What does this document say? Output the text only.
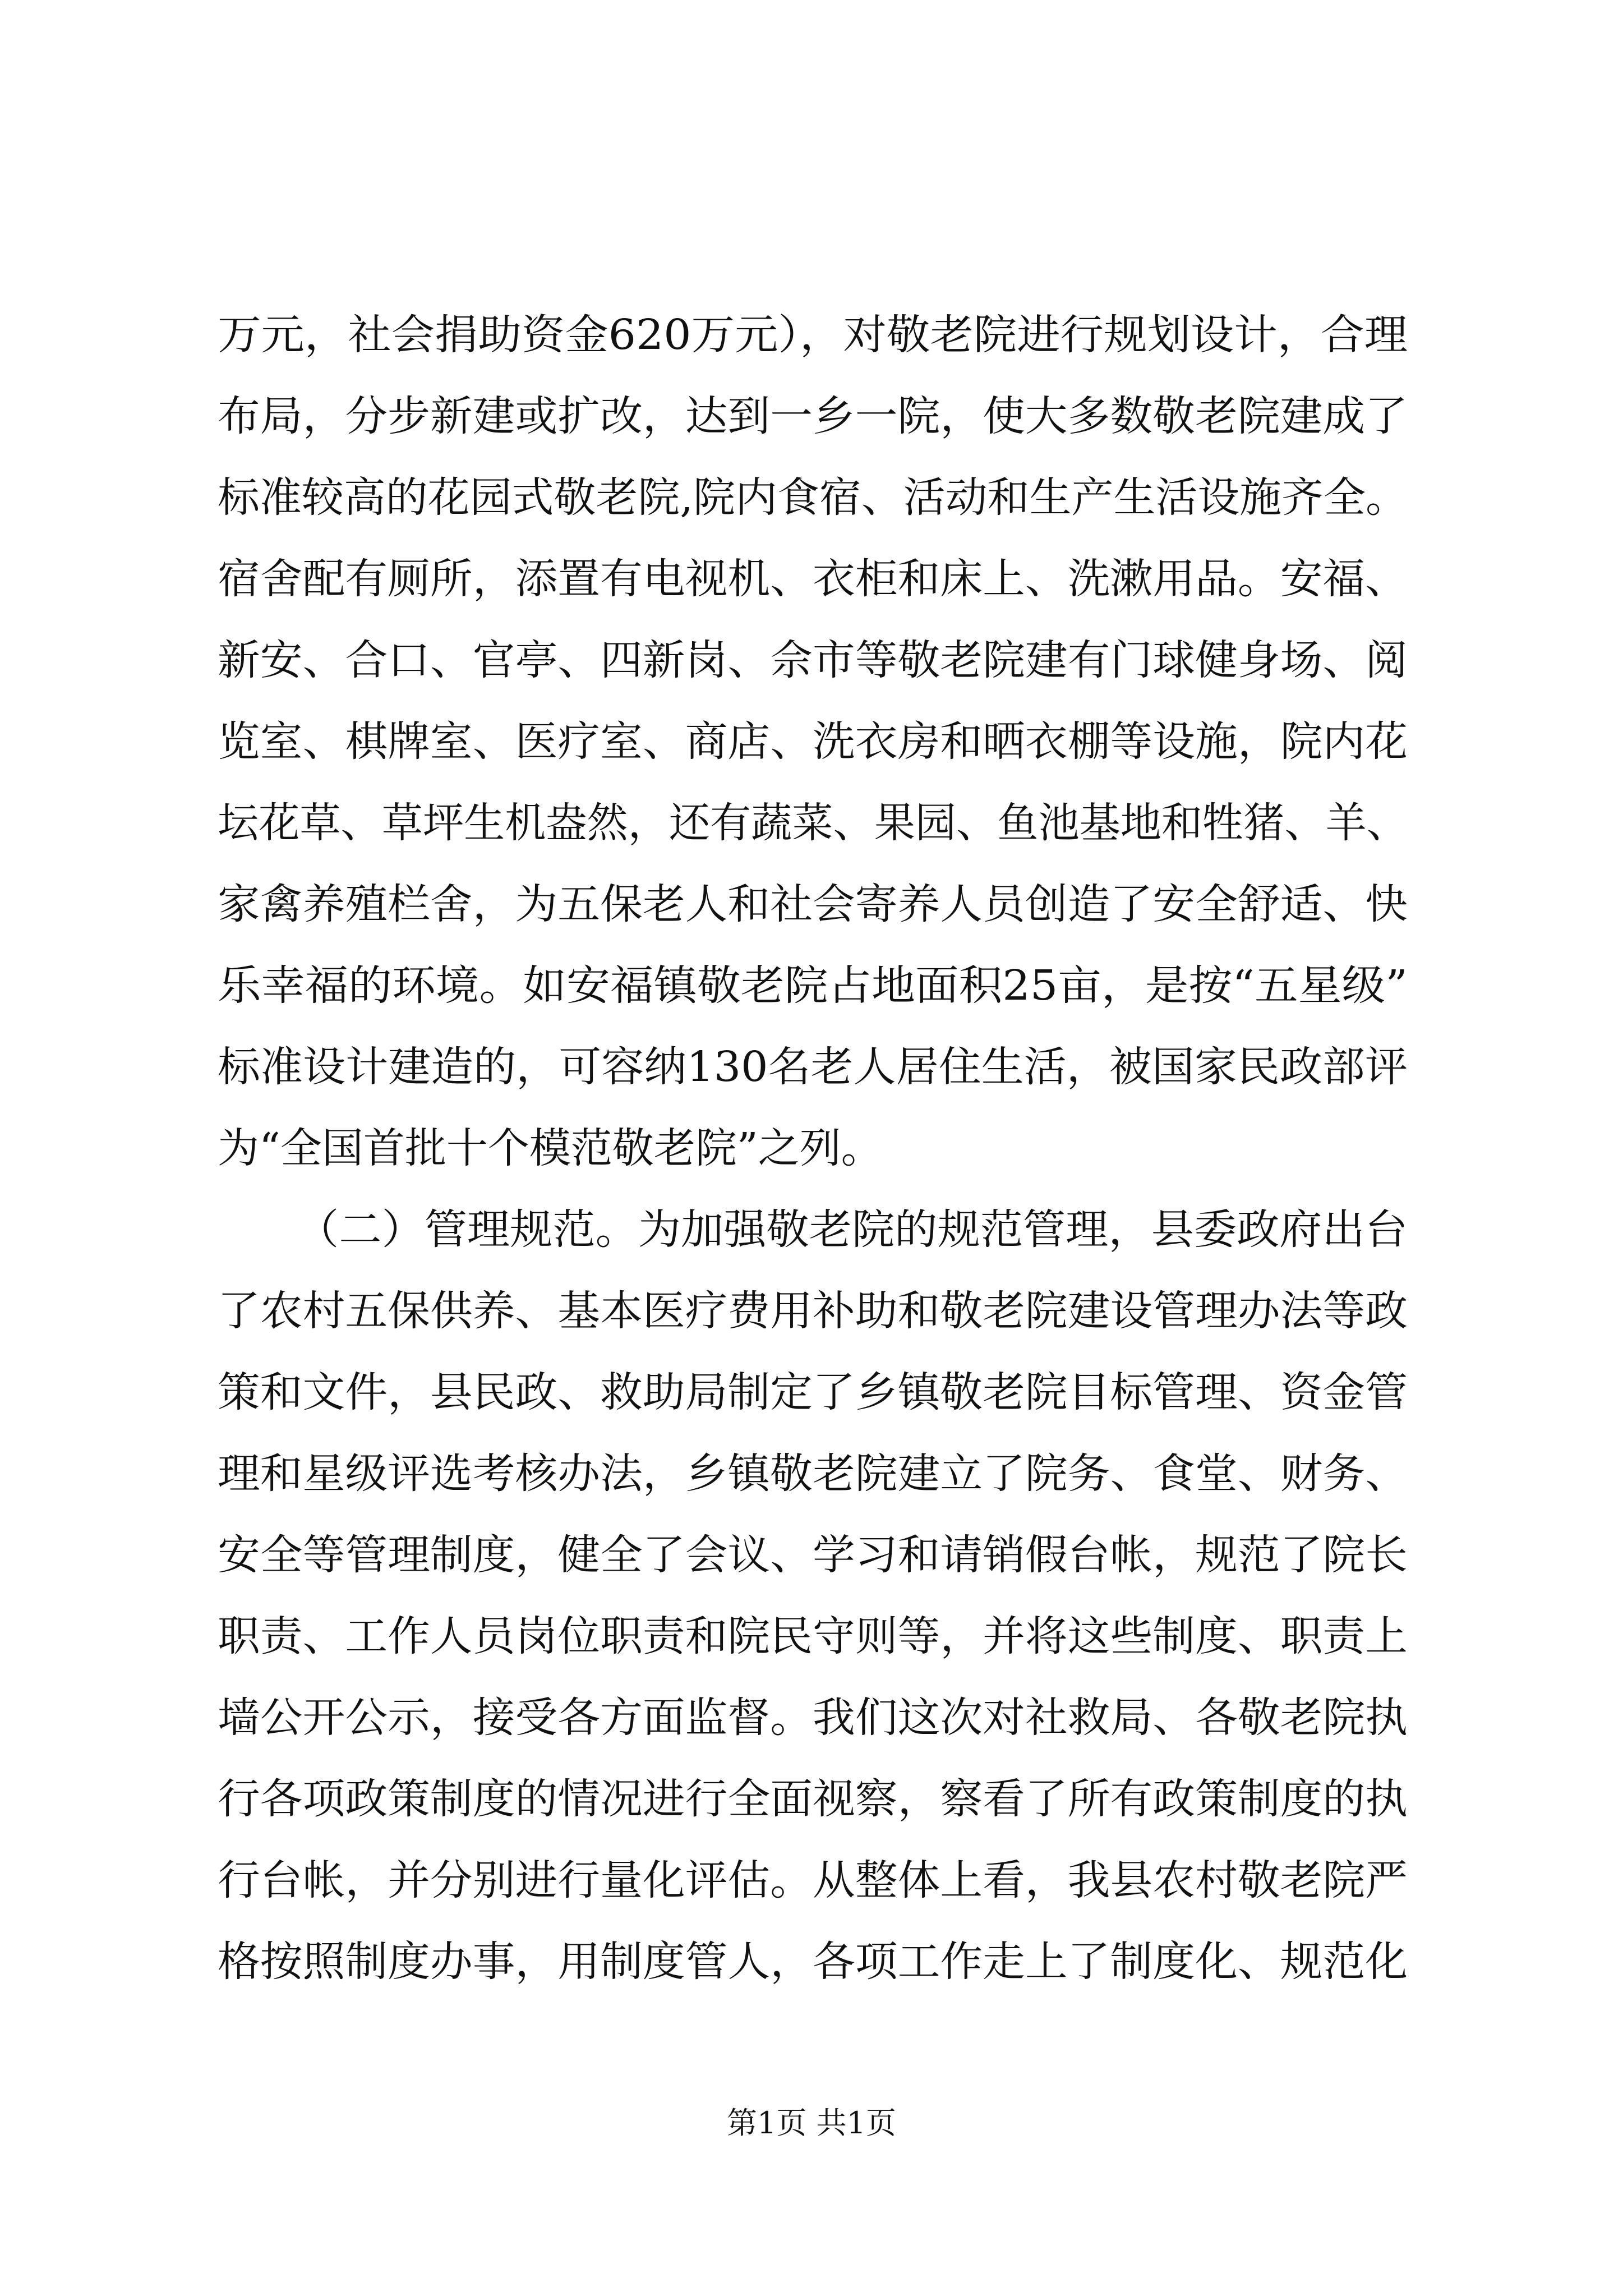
万元，社会捐助资金620万元），对敬老院进行规划设计，合理
布局，分步新建或扩改，达到一乡一院，使大多数敬老院建成了
标准较高的花园式敬老院,院内食宿、活动和生产生活设施齐全。
宿舍配有厕所，添置有电视机、衣柜和床上、洗漱用品。安福、
新安、合口、官亭、四新岗、佘市等敬老院建有门球健身场、阅
览室、棋牌室、医疗室、商店、洗衣房和晒衣棚等设施，院内花
坛花草、草坪生机盎然，还有蔬菜、果园、鱼池基地和牲猪、羊、
家禽养殖栏舍，为五保老人和社会寄养人员创造了安全舒适、快
乐幸福的环境。如安福镇敬老院占地面积25亩，是按“五星级”
标准设计建造的，可容纳130名老人居住生活，被国家民政部评
为“全国首批十个模范敬老院”之列。
（二）管理规范。为加强敬老院的规范管理，县委政府出台
了农村五保供养、基本医疗费用补助和敬老院建设管理办法等政
策和文件，县民政、救助局制定了乡镇敬老院目标管理、资金管
理和星级评选考核办法，乡镇敬老院建立了院务、食堂、财务、
安全等管理制度，健全了会议、学习和请销假台帐，规范了院长
职责、工作人员岗位职责和院民守则等，并将这些制度、职责上
墙公开公示，接受各方面监督。我们这次对社救局、各敬老院执
行各项政策制度的情况进行全面视察，察看了所有政策制度的执
行台帐，并分别进行量化评估。从整体上看，我县农村敬老院严
格按照制度办事，用制度管人，各项工作走上了制度化、规范化
第1页 共1页
